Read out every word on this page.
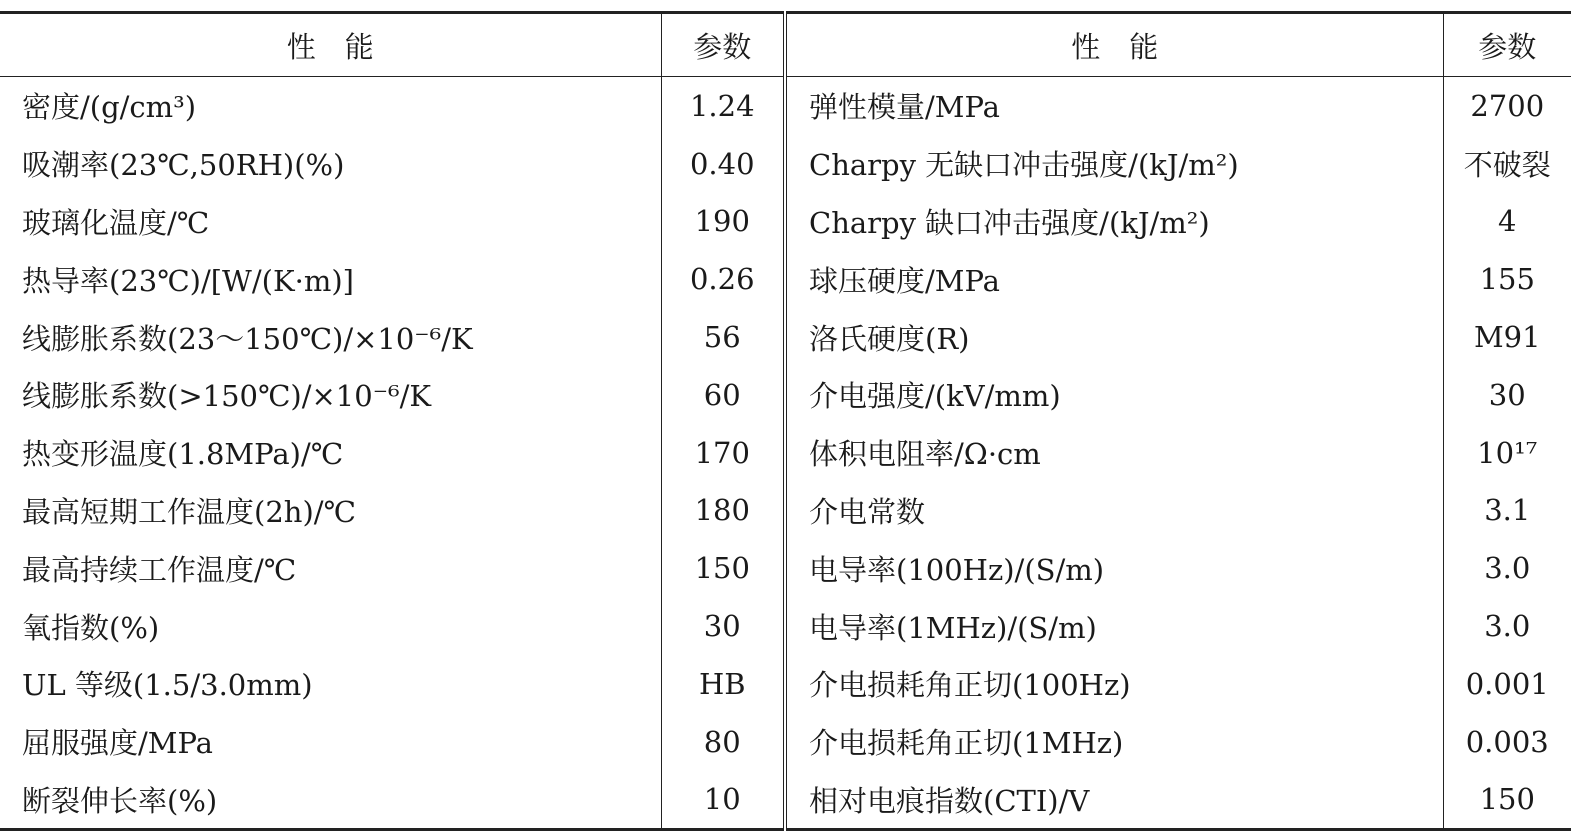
性　能	参数	性　能	参数
密度/(g/cm³)	1.24	弹性模量/MPa	2700
吸潮率(23℃,50RH)(%)	0.40	Charpy 无缺口冲击强度/(kJ/m²)	不破裂
玻璃化温度/℃	190	Charpy 缺口冲击强度/(kJ/m²)	4
热导率(23℃)/[W/(K·m)]	0.26	球压硬度/MPa	155
线膨胀系数(23～150℃)/×10⁻⁶/K	56	洛氏硬度(R)	M91
线膨胀系数(>150℃)/×10⁻⁶/K	60	介电强度/(kV/mm)	30
热变形温度(1.8MPa)/℃	170	体积电阻率/Ω·cm	10¹⁷
最高短期工作温度(2h)/℃	180	介电常数	3.1
最高持续工作温度/℃	150	电导率(100Hz)/(S/m)	3.0
氧指数(%)	30	电导率(1MHz)/(S/m)	3.0
UL 等级(1.5/3.0mm)	HB	介电损耗角正切(100Hz)	0.001
屈服强度/MPa	80	介电损耗角正切(1MHz)	0.003
断裂伸长率(%)	10	相对电痕指数(CTI)/V	150
